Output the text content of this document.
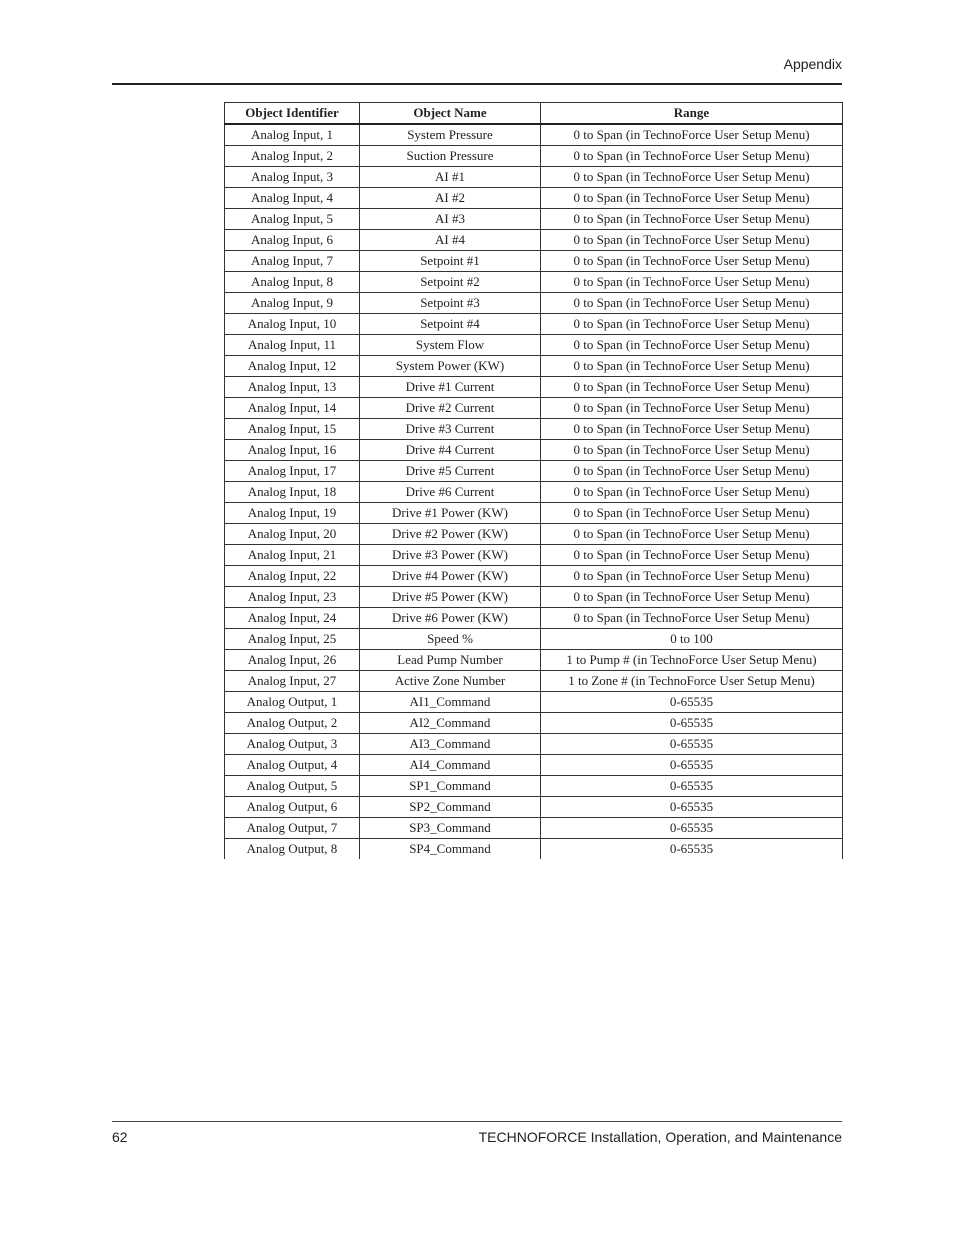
Appendix
Object Identifier	Object Name	Range
Analog Input, 1	System Pressure	0 to Span (in TechnoForce User Setup Menu)
Analog Input, 2	Suction Pressure	0 to Span (in TechnoForce User Setup Menu)
Analog Input, 3	AI #1	0 to Span (in TechnoForce User Setup Menu)
Analog Input, 4	AI #2	0 to Span (in TechnoForce User Setup Menu)
Analog Input, 5	AI #3	0 to Span (in TechnoForce User Setup Menu)
Analog Input, 6	AI #4	0 to Span (in TechnoForce User Setup Menu)
Analog Input, 7	Setpoint #1	0 to Span (in TechnoForce User Setup Menu)
Analog Input, 8	Setpoint #2	0 to Span (in TechnoForce User Setup Menu)
Analog Input, 9	Setpoint #3	0 to Span (in TechnoForce User Setup Menu)
Analog Input, 10	Setpoint #4	0 to Span (in TechnoForce User Setup Menu)
Analog Input, 11	System Flow	0 to Span (in TechnoForce User Setup Menu)
Analog Input, 12	System Power (KW)	0 to Span (in TechnoForce User Setup Menu)
Analog Input, 13	Drive #1 Current	0 to Span (in TechnoForce User Setup Menu)
Analog Input, 14	Drive #2 Current	0 to Span (in TechnoForce User Setup Menu)
Analog Input, 15	Drive #3 Current	0 to Span (in TechnoForce User Setup Menu)
Analog Input, 16	Drive #4 Current	0 to Span (in TechnoForce User Setup Menu)
Analog Input, 17	Drive #5 Current	0 to Span (in TechnoForce User Setup Menu)
Analog Input, 18	Drive #6 Current	0 to Span (in TechnoForce User Setup Menu)
Analog Input, 19	Drive #1 Power (KW)	0 to Span (in TechnoForce User Setup Menu)
Analog Input, 20	Drive #2 Power (KW)	0 to Span (in TechnoForce User Setup Menu)
Analog Input, 21	Drive #3 Power (KW)	0 to Span (in TechnoForce User Setup Menu)
Analog Input, 22	Drive #4 Power (KW)	0 to Span (in TechnoForce User Setup Menu)
Analog Input, 23	Drive #5 Power (KW)	0 to Span (in TechnoForce User Setup Menu)
Analog Input, 24	Drive #6 Power (KW)	0 to Span (in TechnoForce User Setup Menu)
Analog Input, 25	Speed %	0 to 100
Analog Input, 26	Lead Pump Number	1 to Pump # (in TechnoForce User Setup Menu)
Analog Input, 27	Active Zone Number	1 to Zone # (in TechnoForce User Setup Menu)
Analog Output, 1	AI1_Command	0-65535
Analog Output, 2	AI2_Command	0-65535
Analog Output, 3	AI3_Command	0-65535
Analog Output, 4	AI4_Command	0-65535
Analog Output, 5	SP1_Command	0-65535
Analog Output, 6	SP2_Command	0-65535
Analog Output, 7	SP3_Command	0-65535
Analog Output, 8	SP4_Command	0-65535
62	TECHNOFORCE Installation, Operation, and Maintenance
